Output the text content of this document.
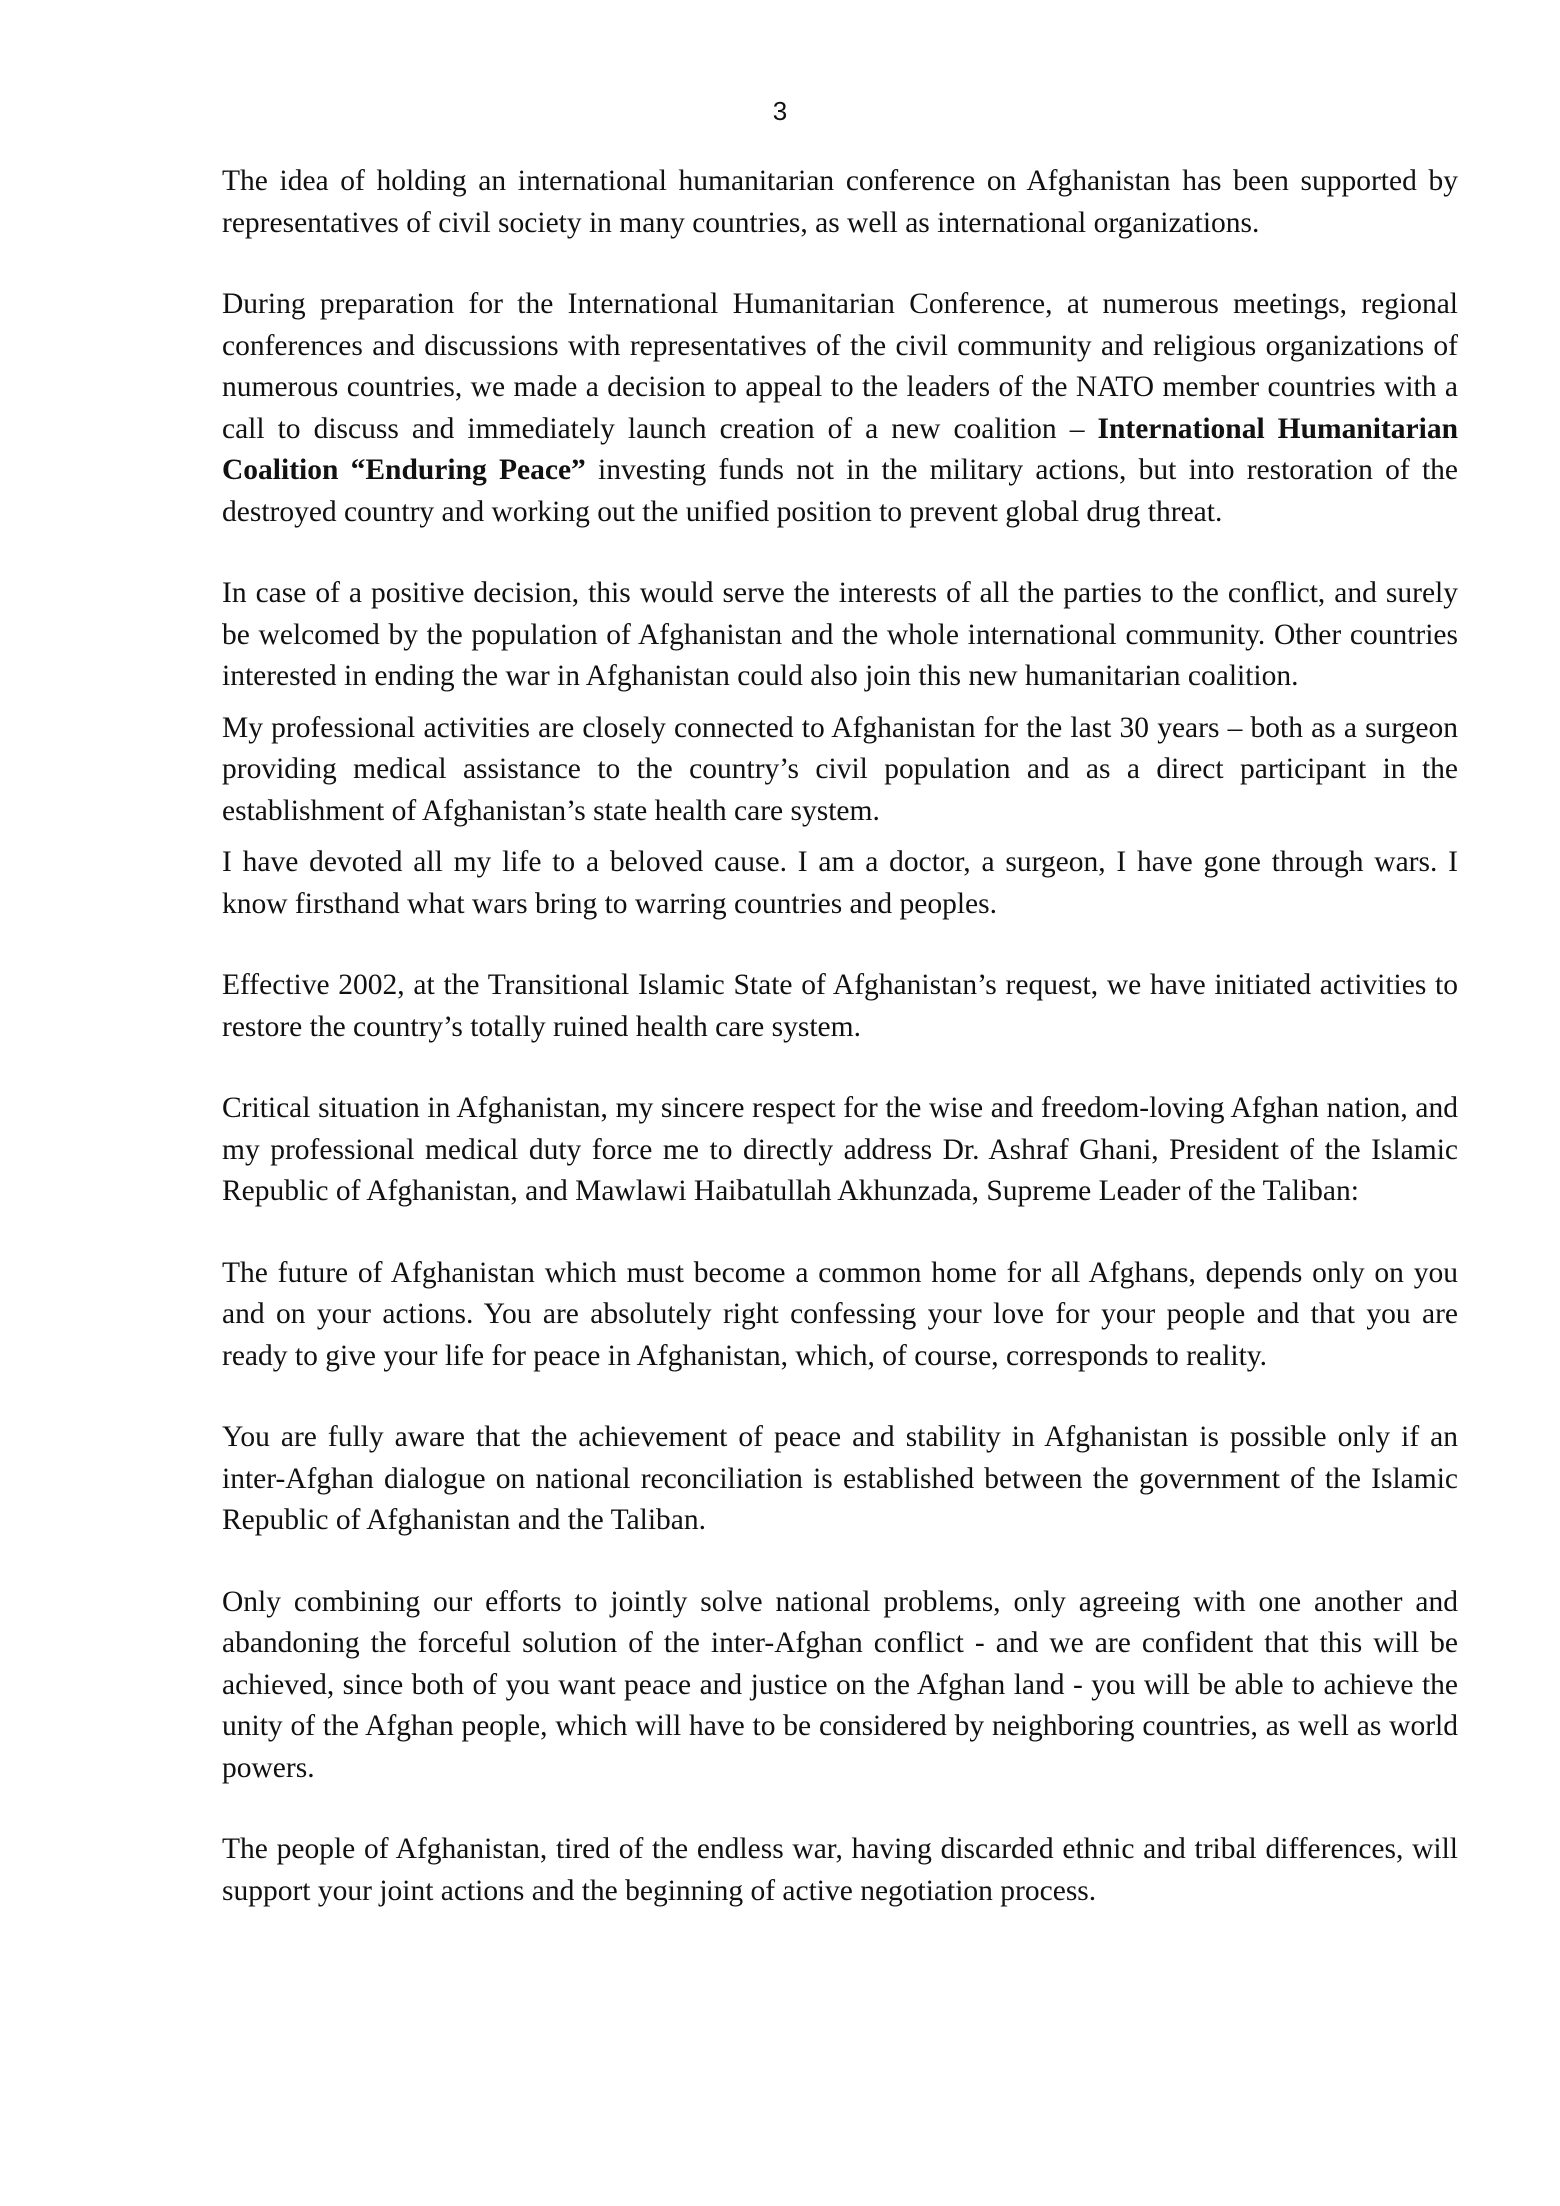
3

The idea of holding an international humanitarian conference on Afghanistan has been supported by representatives of civil society in many countries, as well as international organizations.

During preparation for the International Humanitarian Conference, at numerous meetings, regional conferences and discussions with representatives of the civil community and religious organizations of numerous countries, we made a decision to appeal to the leaders of the NATO member countries with a call to discuss and immediately launch creation of a new coalition – International Humanitarian Coalition “Enduring Peace” investing funds not in the military actions, but into restoration of the destroyed country and working out the unified position to prevent global drug threat.

In case of a positive decision, this would serve the interests of all the parties to the conflict, and surely be welcomed by the population of Afghanistan and the whole international community. Other countries interested in ending the war in Afghanistan could also join this new humanitarian coalition.

My professional activities are closely connected to Afghanistan for the last 30 years – both as a surgeon providing medical assistance to the country’s civil population and as a direct participant in the establishment of Afghanistan’s state health care system.

I have devoted all my life to a beloved cause. I am a doctor, a surgeon, I have gone through wars. I know firsthand what wars bring to warring countries and peoples.

Effective 2002, at the Transitional Islamic State of Afghanistan’s request, we have initiated activities to restore the country’s totally ruined health care system.

Critical situation in Afghanistan, my sincere respect for the wise and freedom-loving Afghan nation, and my professional medical duty force me to directly address Dr. Ashraf Ghani, President of the Islamic Republic of Afghanistan, and Mawlawi Haibatullah Akhunzada, Supreme Leader of the Taliban:

The future of Afghanistan which must become a common home for all Afghans, depends only on you and on your actions. You are absolutely right confessing your love for your people and that you are ready to give your life for peace in Afghanistan, which, of course, corresponds to reality.

You are fully aware that the achievement of peace and stability in Afghanistan is possible only if an inter-Afghan dialogue on national reconciliation is established between the government of the Islamic Republic of Afghanistan and the Taliban.

Only combining our efforts to jointly solve national problems, only agreeing with one another and abandoning the forceful solution of the inter-Afghan conflict - and we are confident that this will be achieved, since both of you want peace and justice on the Afghan land - you will be able to achieve the unity of the Afghan people, which will have to be considered by neighboring countries, as well as world powers.

The people of Afghanistan, tired of the endless war, having discarded ethnic and tribal differences, will support your joint actions and the beginning of active negotiation process.
